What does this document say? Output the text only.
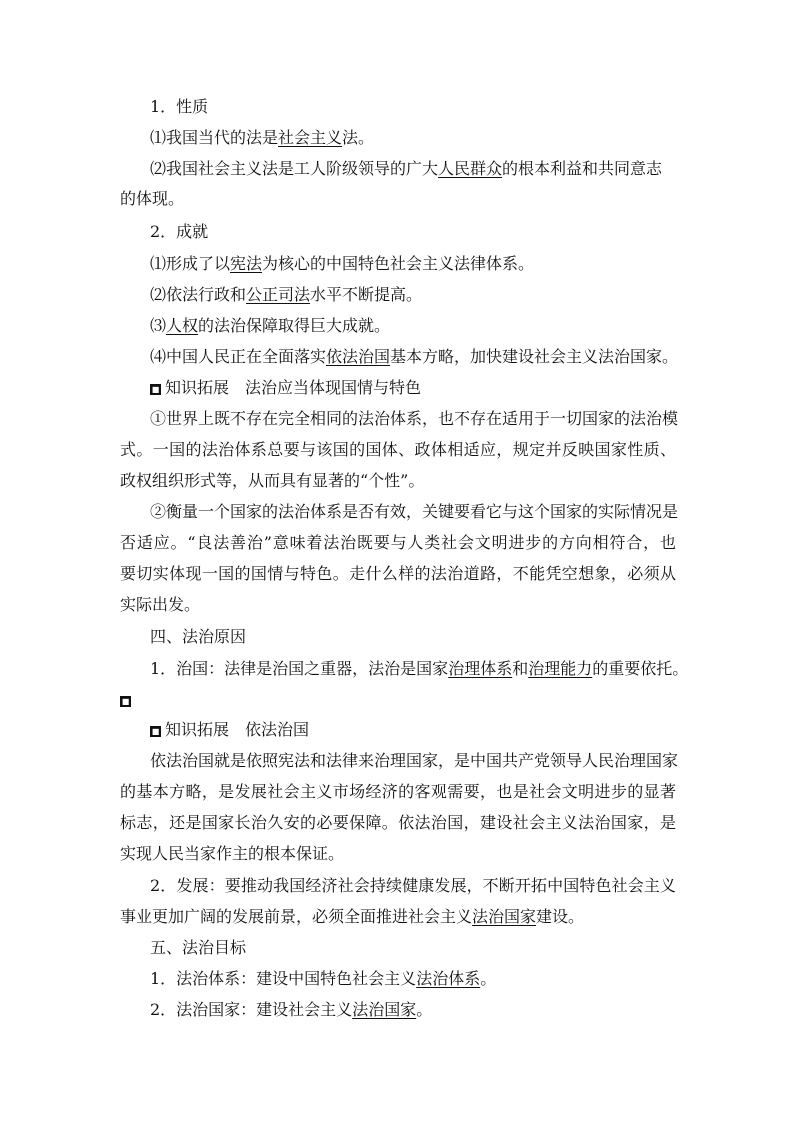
1．性质
⑴我国当代的法是社会主义法。
⑵我国社会主义法是工人阶级领导的广大人民群众的根本利益和共同意志
的体现。
2．成就
⑴形成了以宪法为核心的中国特色社会主义法律体系。
⑵依法行政和公正司法水平不断提高。
⑶人权的法治保障取得巨大成就。
⑷中国人民正在全面落实依法治国基本方略，加快建设社会主义法治国家。
■ 知识拓展　法治应当体现国情与特色
①世界上既不存在完全相同的法治体系，也不存在适用于一切国家的法治模
式。一国的法治体系总要与该国的国体、政体相适应，规定并反映国家性质、
政权组织形式等，从而具有显著的“个性”。
②衡量一个国家的法治体系是否有效，关键要看它与这个国家的实际情况是
否适应。“良法善治”意味着法治既要与人类社会文明进步的方向相符合，也
要切实体现一国的国情与特色。走什么样的法治道路，不能凭空想象，必须从
实际出发。
四、法治原因
1．治国：法律是治国之重器，法治是国家治理体系和治理能力的重要依托。
■
■ 知识拓展　依法治国
依法治国就是依照宪法和法律来治理国家，是中国共产党领导人民治理国家
的基本方略，是发展社会主义市场经济的客观需要，也是社会文明进步的显著
标志，还是国家长治久安的必要保障。依法治国，建设社会主义法治国家，是
实现人民当家作主的根本保证。
2．发展：要推动我国经济社会持续健康发展，不断开拓中国特色社会主义
事业更加广阔的发展前景，必须全面推进社会主义法治国家建设。
五、法治目标
1．法治体系：建设中国特色社会主义法治体系。
2．法治国家：建设社会主义法治国家。
